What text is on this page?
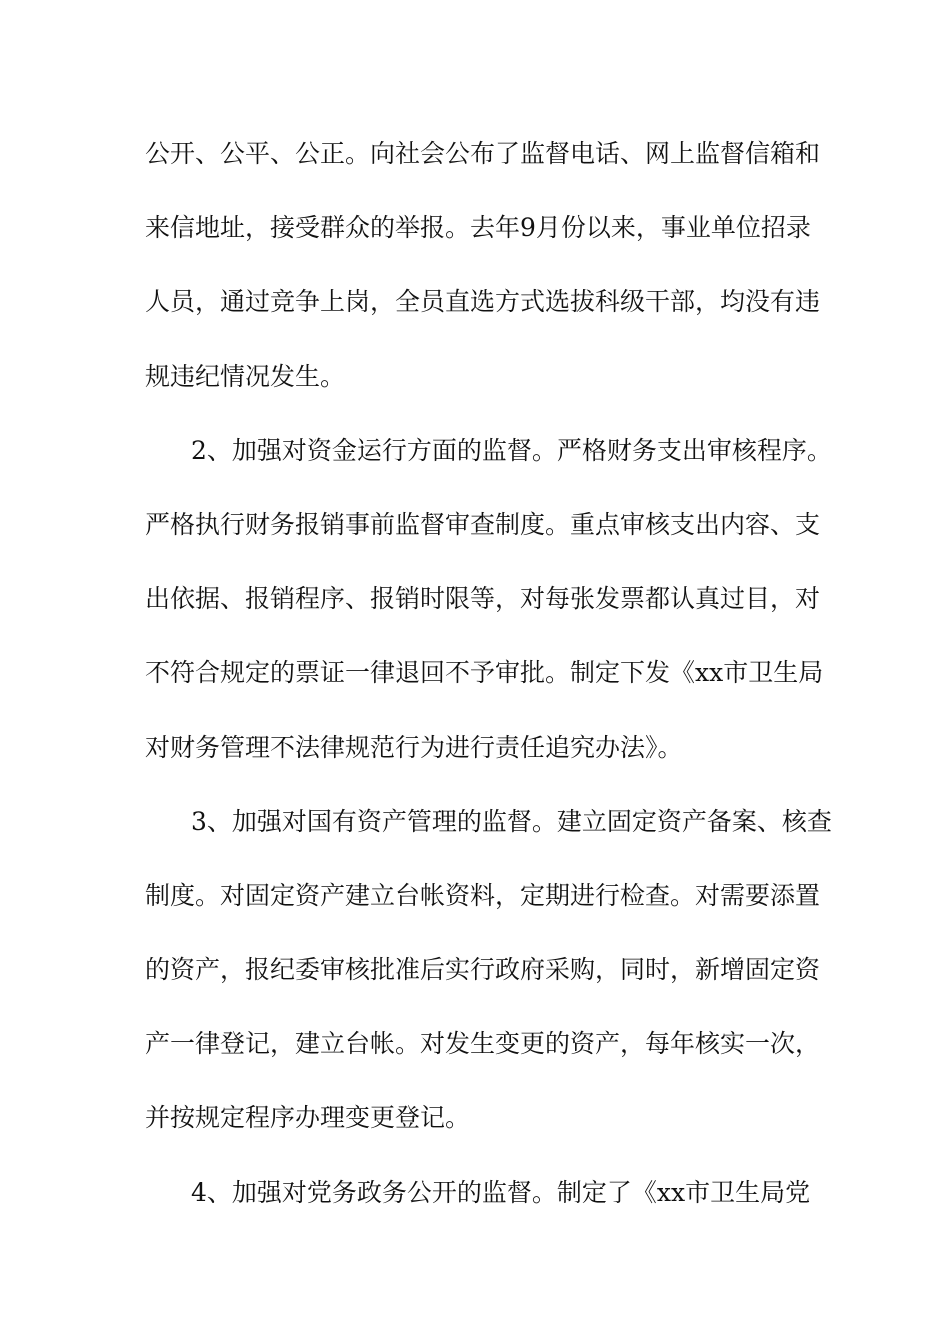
公开、公平、公正。向社会公布了监督电话、网上监督信箱和
来信地址，接受群众的举报。去年9月份以来，事业单位招录
人员，通过竞争上岗，全员直选方式选拔科级干部，均没有违
规违纪情况发生。
2、加强对资金运行方面的监督。严格财务支出审核程序。
严格执行财务报销事前监督审查制度。重点审核支出内容、支
出依据、报销程序、报销时限等，对每张发票都认真过目，对
不符合规定的票证一律退回不予审批。制定下发《xx市卫生局
对财务管理不法律规范行为进行责任追究办法》。
3、加强对国有资产管理的监督。建立固定资产备案、核查
制度。对固定资产建立台帐资料，定期进行检查。对需要添置
的资产，报纪委审核批准后实行政府采购，同时，新增固定资
产一律登记，建立台帐。对发生变更的资产，每年核实一次，
并按规定程序办理变更登记。
4、加强对党务政务公开的监督。制定了《xx市卫生局党
